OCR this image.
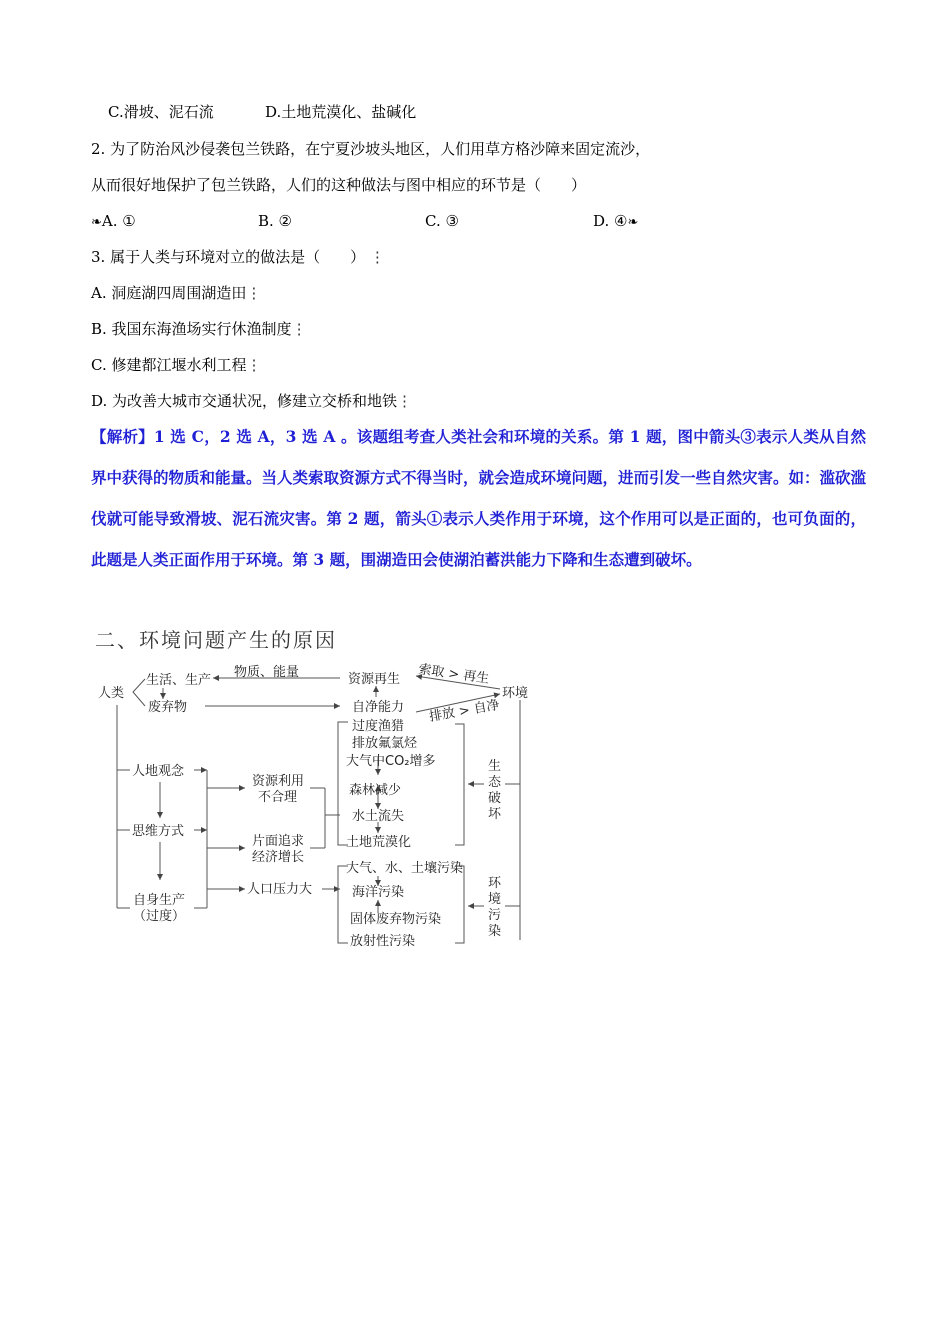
C.滑坡、泥石流	D.土地荒漠化、盐碱化
2. 为了防治风沙侵袭包兰铁路，在宁夏沙坡头地区，人们用草方格沙障来固定流沙，
从而很好地保护了包兰铁路，人们的这种做法与图中相应的环节是（　　）
❧A. ①	B. ②	C. ③	D. ④❧
3. 属于人类与环境对立的做法是（　　） ⋮
A. 洞庭湖四周围湖造田⋮
B. 我国东海渔场实行休渔制度⋮
C. 修建都江堰水利工程⋮
D. 为改善大城市交通状况，修建立交桥和地铁⋮
【解析】1 选 C，2 选 A，3 选 A 。该题组考查人类社会和环境的关系。第 1 题，图中箭头③表示人类从自然界中获得的物质和能量。当人类索取资源方式不得当时，就会造成环境问题，进而引发一些自然灾害。如：滥砍滥伐就可能导致滑坡、泥石流灾害。第 2 题，箭头①表示人类作用于环境，这个作用可以是正面的，也可负面的，此题是人类正面作用于环境。第 3 题，围湖造田会使湖泊蓄洪能力下降和生态遭到破坏。
二、环境问题产生的原因
人类
生活、生产
废弃物
物质、能量	资源再生
自净能力
索取 > 再生
排放 > 自净
环境
人地观念
思维方式
自身生产
（过度）
资源利用
不合理
片面追求
经济增长
人口压力大
过度渔猎
排放氟氯烃
大气中CO₂增多
森林减少
水土流失
土地荒漠化
大气、水、土壤污染
海洋污染
固体废弃物污染
放射性污染
生
态
破
坏
环
境
污
染
